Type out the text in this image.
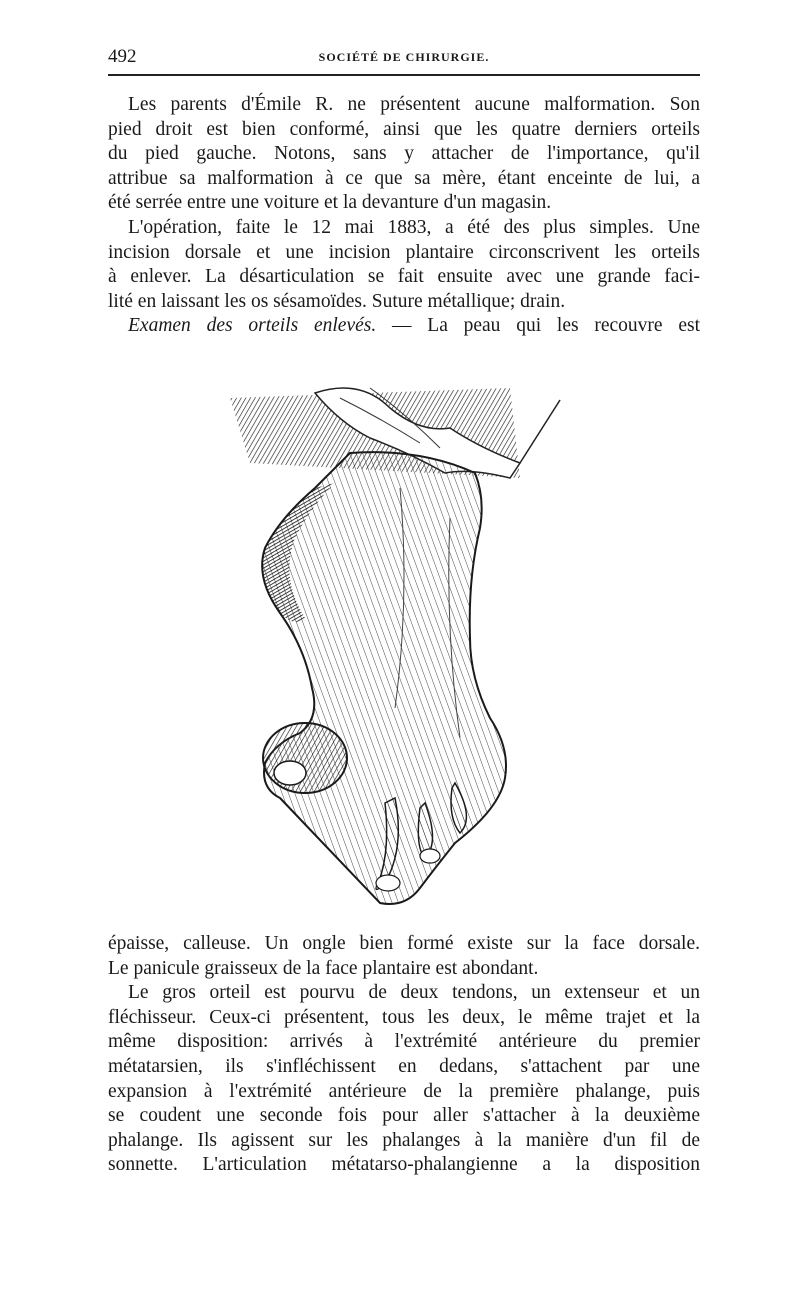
492	SOCIÉTÉ DE CHIRURGIE.
Les parents d'Émile R. ne présentent aucune malformation. Son
pied droit est bien conformé, ainsi que les quatre derniers orteils
du pied gauche. Notons, sans y attacher de l'importance, qu'il
attribue sa malformation à ce que sa mère, étant enceinte de lui, a
été serrée entre une voiture et la devanture d'un magasin.
L'opération, faite le 12 mai 1883, a été des plus simples. Une
incision dorsale et une incision plantaire circonscrivent les orteils
à enlever. La désarticulation se fait ensuite avec une grande faci-
lité en laissant les os sésamoïdes. Suture métallique; drain.
Examen des orteils enlevés. — La peau qui les recouvre est
épaisse, calleuse. Un ongle bien formé existe sur la face dorsale.
Le panicule graisseux de la face plantaire est abondant.
Le gros orteil est pourvu de deux tendons, un extenseur et un
fléchisseur. Ceux-ci présentent, tous les deux, le même trajet et la
même disposition: arrivés à l'extrémité antérieure du premier
métatarsien, ils s'infléchissent en dedans, s'attachent par une
expansion à l'extrémité antérieure de la première phalange, puis
se coudent une seconde fois pour aller s'attacher à la deuxième
phalange. Ils agissent sur les phalanges à la manière d'un fil de
sonnette. L'articulation métatarso-phalangienne a la disposition
